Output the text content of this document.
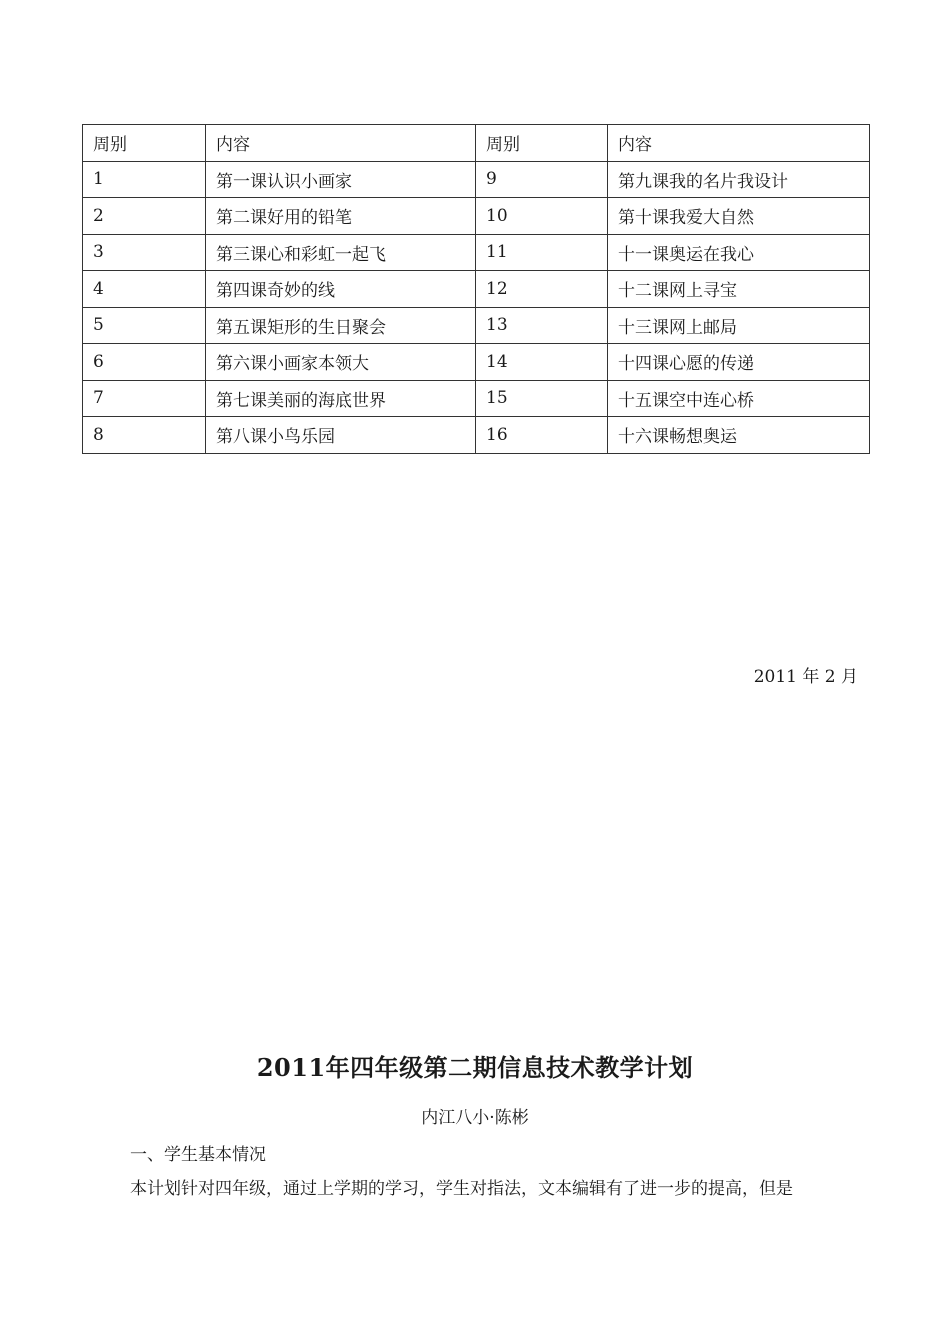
周别	内容	周别	内容
1	第一课认识小画家	9	第九课我的名片我设计
2	第二课好用的铅笔	10	第十课我爱大自然
3	第三课心和彩虹一起飞	11	十一课奥运在我心
4	第四课奇妙的线	12	十二课网上寻宝
5	第五课矩形的生日聚会	13	十三课网上邮局
6	第六课小画家本领大	14	十四课心愿的传递
7	第七课美丽的海底世界	15	十五课空中连心桥
8	第八课小鸟乐园	16	十六课畅想奥运
2011 年 2 月
2011年四年级第二期信息技术教学计划
内江八小·陈彬
一、学生基本情况
本计划针对四年级，通过上学期的学习，学生对指法，文本编辑有了进一步的提高，但是
